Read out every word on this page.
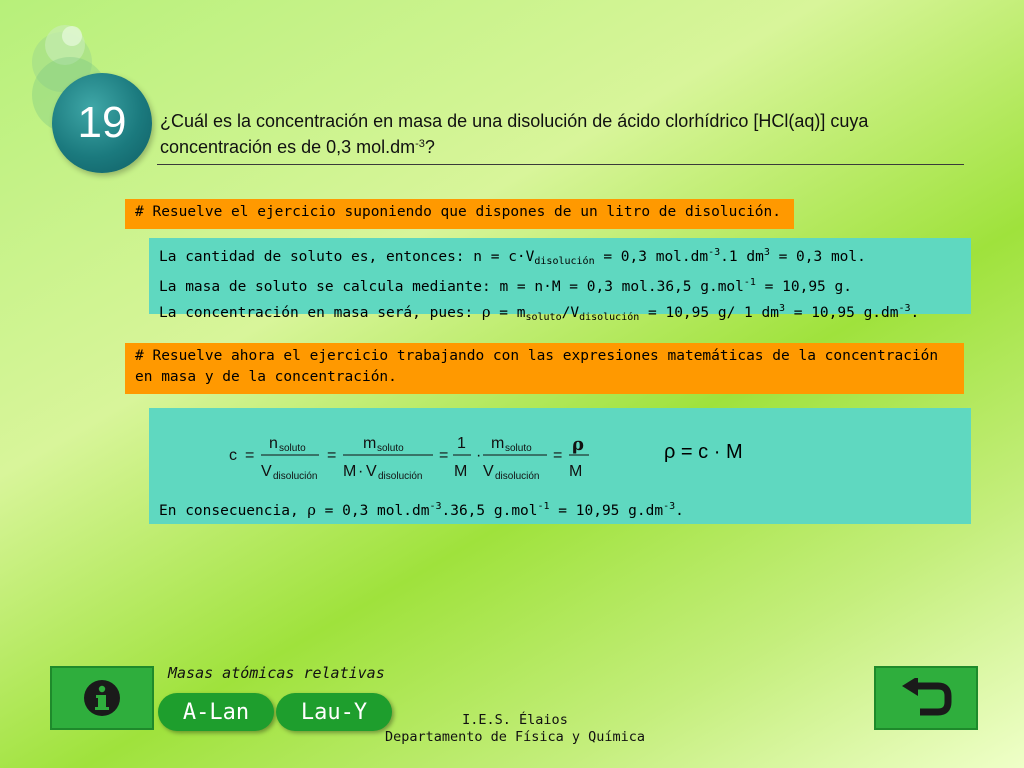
19 ¿Cuál es la concentración en masa de una disolución de ácido clorhídrico [HCl(aq)] cuya
concentración es de 0,3 $mol.dm^{-3}$?
# Resuelve el ejercicio suponiendo que dispones de un litro de disolución.
La cantidad de soluto es, entonces: $n = c\cdot V_{disolución} = 0,3$ $mol.dm^{-3}.1$ $dm^3 = 0,3$ mol.
La masa de soluto se calcula mediante: m = n·M = 0,3 mol.36,5 g.mol$^{-1}$ = 10,95 g.
La concentración en masa será, pues: $\rho = m_{soluto}/V_{disolución} = 10,95$ g/ 1 $dm^3 = 10,95$ $g.dm^{-3}$.
# Resuelve ahora el ejercicio trabajando con las expresiones matemáticas de la concentración en masa y de la concentración.
c =
n soluto
V disolución
=
m soluto
M · V disolución
=
1
M
·
m soluto
V disolución
=
ρ
M
ρ = c · M
En consecuencia, ρ = 0,3 $mol.dm^{-3}.36,5$ g.mol$^{-1}$ = 10,95 $g.dm^{-3}$.
Masas atómicas relativas
A-Lan Lau-Y	I.E.S. Élaios
Departamento de Física y Química
